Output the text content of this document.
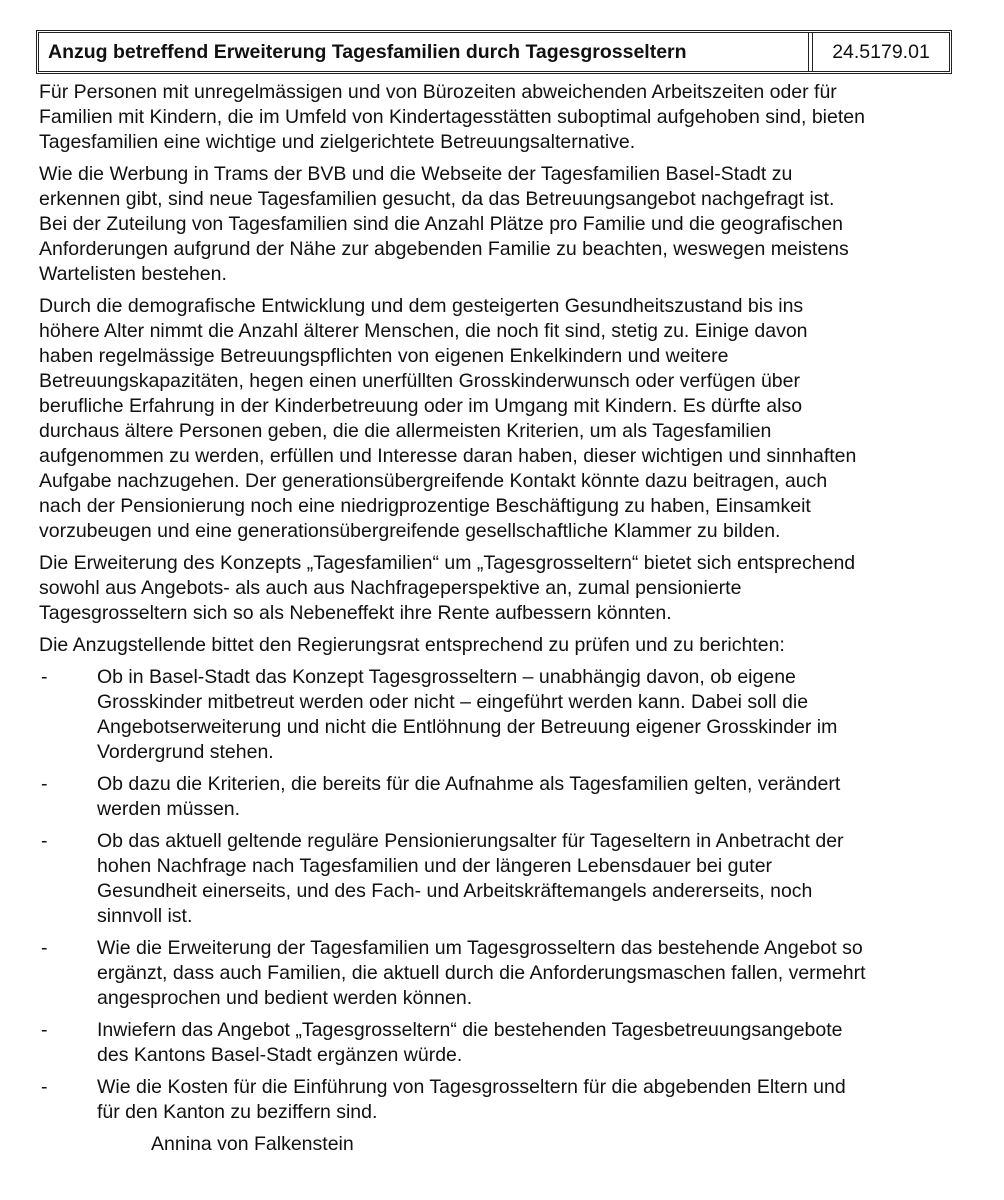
Anzug betreffend Erweiterung Tagesfamilien durch Tagesgrosseltern	24.5179.01

Für Personen mit unregelmässigen und von Bürozeiten abweichenden Arbeitszeiten oder für
Familien mit Kindern, die im Umfeld von Kindertagesstätten suboptimal aufgehoben sind, bieten
Tagesfamilien eine wichtige und zielgerichtete Betreuungsalternative.

Wie die Werbung in Trams der BVB und die Webseite der Tagesfamilien Basel-Stadt zu
erkennen gibt, sind neue Tagesfamilien gesucht, da das Betreuungsangebot nachgefragt ist.
Bei der Zuteilung von Tagesfamilien sind die Anzahl Plätze pro Familie und die geografischen
Anforderungen aufgrund der Nähe zur abgebenden Familie zu beachten, weswegen meistens
Wartelisten bestehen.

Durch die demografische Entwicklung und dem gesteigerten Gesundheitszustand bis ins
höhere Alter nimmt die Anzahl älterer Menschen, die noch fit sind, stetig zu. Einige davon
haben regelmässige Betreuungspflichten von eigenen Enkelkindern und weitere
Betreuungskapazitäten, hegen einen unerfüllten Grosskinderwunsch oder verfügen über
berufliche Erfahrung in der Kinderbetreuung oder im Umgang mit Kindern. Es dürfte also
durchaus ältere Personen geben, die die allermeisten Kriterien, um als Tagesfamilien
aufgenommen zu werden, erfüllen und Interesse daran haben, dieser wichtigen und sinnhaften
Aufgabe nachzugehen. Der generationsübergreifende Kontakt könnte dazu beitragen, auch
nach der Pensionierung noch eine niedrigprozentige Beschäftigung zu haben, Einsamkeit
vorzubeugen und eine generationsübergreifende gesellschaftliche Klammer zu bilden.

Die Erweiterung des Konzepts „Tagesfamilien“ um „Tagesgrosseltern“ bietet sich entsprechend
sowohl aus Angebots- als auch aus Nachfrageperspektive an, zumal pensionierte
Tagesgrosseltern sich so als Nebeneffekt ihre Rente aufbessern könnten.

Die Anzugstellende bittet den Regierungsrat entsprechend zu prüfen und zu berichten:

-	Ob in Basel-Stadt das Konzept Tagesgrosseltern – unabhängig davon, ob eigene
Grosskinder mitbetreut werden oder nicht – eingeführt werden kann. Dabei soll die
Angebotserweiterung und nicht die Entlöhnung der Betreuung eigener Grosskinder im
Vordergrund stehen.
-	Ob dazu die Kriterien, die bereits für die Aufnahme als Tagesfamilien gelten, verändert
werden müssen.
-	Ob das aktuell geltende reguläre Pensionierungsalter für Tageseltern in Anbetracht der
hohen Nachfrage nach Tagesfamilien und der längeren Lebensdauer bei guter
Gesundheit einerseits, und des Fach- und Arbeitskräftemangels andererseits, noch
sinnvoll ist.
-	Wie die Erweiterung der Tagesfamilien um Tagesgrosseltern das bestehende Angebot so
ergänzt, dass auch Familien, die aktuell durch die Anforderungsmaschen fallen, vermehrt
angesprochen und bedient werden können.
-	Inwiefern das Angebot „Tagesgrosseltern“ die bestehenden Tagesbetreuungsangebote
des Kantons Basel-Stadt ergänzen würde.
-	Wie die Kosten für die Einführung von Tagesgrosseltern für die abgebenden Eltern und
für den Kanton zu beziffern sind.

Annina von Falkenstein
